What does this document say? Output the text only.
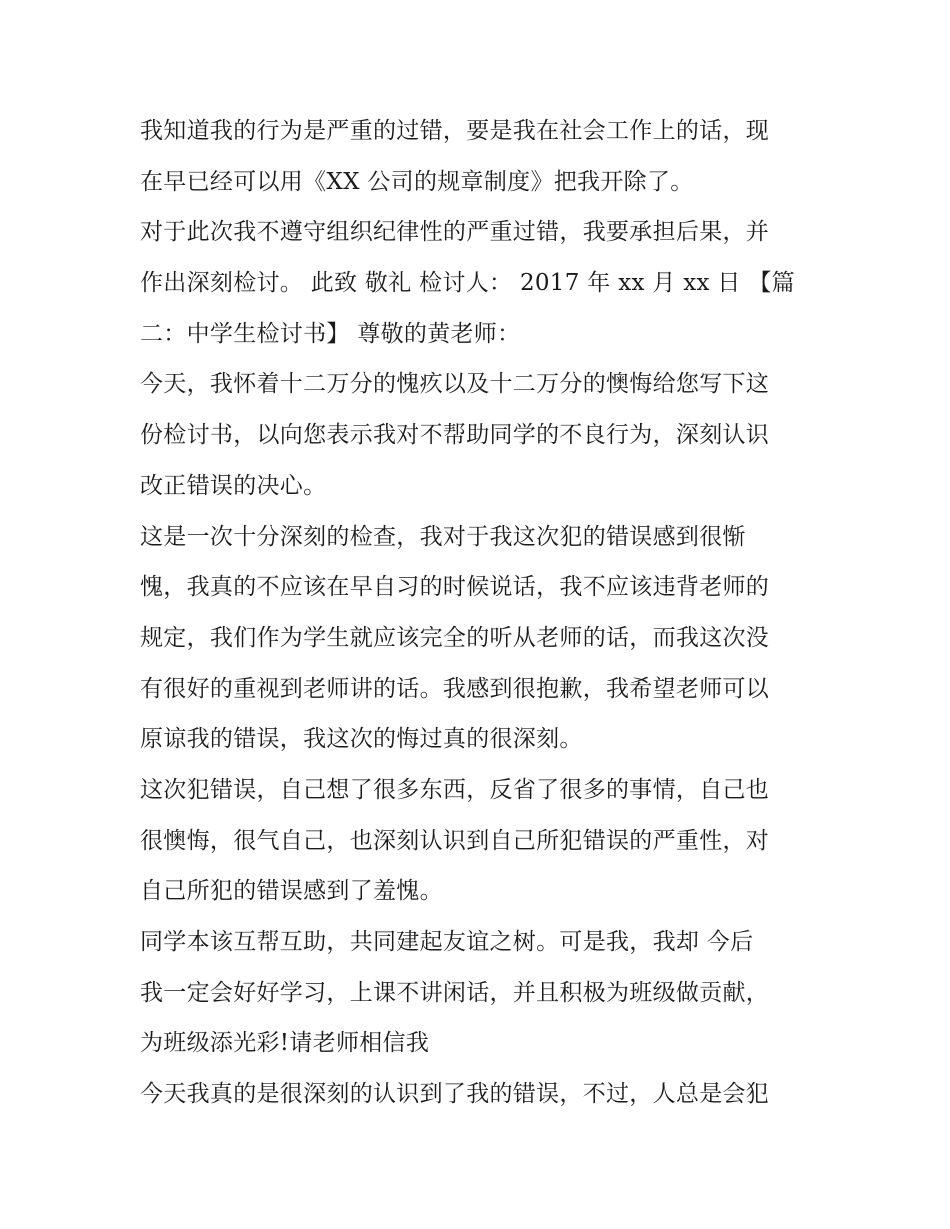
我知道我的行为是严重的过错，要是我在社会工作上的话，现
在早已经可以用《XX 公司的规章制度》把我开除了。
对于此次我不遵守组织纪律性的严重过错，我要承担后果，并
作出深刻检讨。 此致 敬礼 检讨人： 2017 年 xx 月 xx 日 【篇
二：中学生检讨书】 尊敬的黄老师：
今天，我怀着十二万分的愧疚以及十二万分的懊悔给您写下这
份检讨书，以向您表示我对不帮助同学的不良行为，深刻认识
改正错误的决心。
这是一次十分深刻的检查，我对于我这次犯的错误感到很惭
愧，我真的不应该在早自习的时候说话，我不应该违背老师的
规定，我们作为学生就应该完全的听从老师的话，而我这次没
有很好的重视到老师讲的话。我感到很抱歉，我希望老师可以
原谅我的错误，我这次的悔过真的很深刻。
这次犯错误，自己想了很多东西，反省了很多的事情，自己也
很懊悔，很气自己，也深刻认识到自己所犯错误的严重性，对
自己所犯的错误感到了羞愧。
同学本该互帮互助，共同建起友谊之树。可是我，我却 今后
我一定会好好学习，上课不讲闲话，并且积极为班级做贡献，
为班级添光彩!请老师相信我
今天我真的是很深刻的认识到了我的错误，不过，人总是会犯
